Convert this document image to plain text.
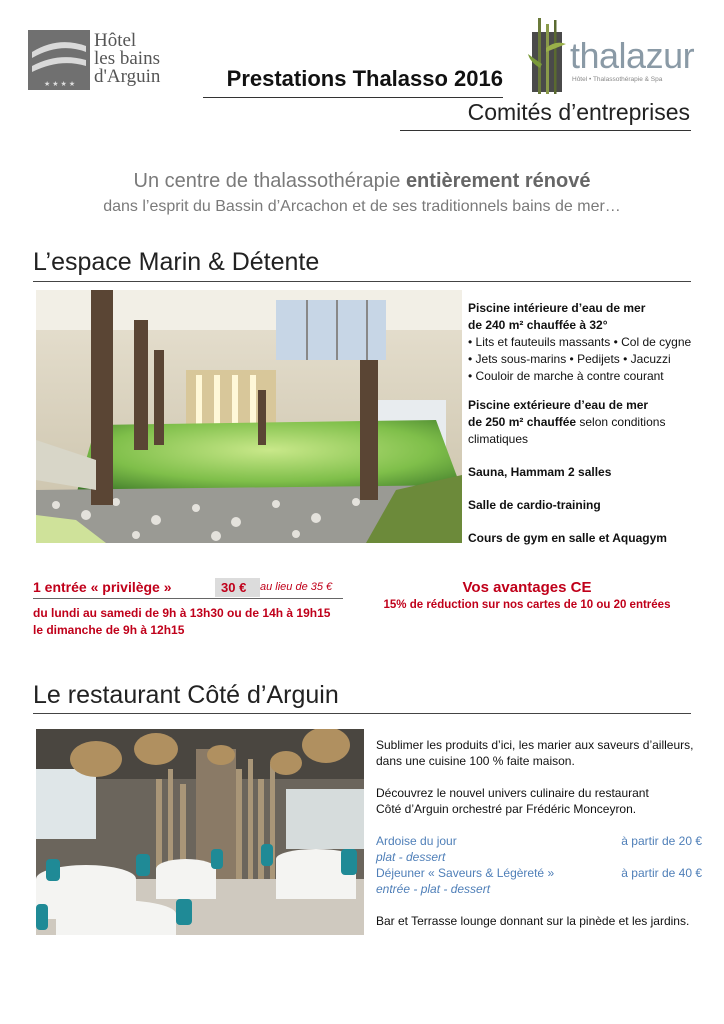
★★★★
Hôtel
les bains
d'Arguin
thalazur
Hôtel • Thalassothérapie & Spa
Prestations Thalasso 2016
Comités d’entreprises
Un centre de thalassothérapie entièrement rénové
dans l’esprit du Bassin d’Arcachon et de ses traditionnels bains de mer…
L’espace Marin & Détente

Piscine intérieure d’eau de mer
de 240 m² chauffée à 32°
• Lits et fauteuils massants • Col de cygne
• Jets sous-marins • Pedijets • Jacuzzi
• Couloir de marche à contre courant

Piscine extérieure d’eau de mer
de 250 m² chauffée selon conditions climatiques

Sauna, Hammam 2 salles

Salle de cardio-training

Cours de gym en salle et Aquagym

1 entrée « privilège »	30 €	au lieu de 35 €
du lundi au samedi de 9h à 13h30 ou de 14h à 19h15
le dimanche de 9h à 12h15
Vos avantages CE
15% de réduction sur nos cartes de 10 ou 20 entrées
Le restaurant Côté d’Arguin

Sublimer les produits d’ici, les marier aux saveurs d’ailleurs,
dans une cuisine 100 % faite maison.

Découvrez le nouvel univers culinaire du restaurant
Côté d’Arguin orchestré par Frédéric Monceyron.

Ardoise du jour	à partir de 20 €
plat - dessert
Déjeuner « Saveurs & Légèreté »	à partir de 40 €
entrée - plat - dessert

Bar et Terrasse lounge donnant sur la pinède et les jardins.
